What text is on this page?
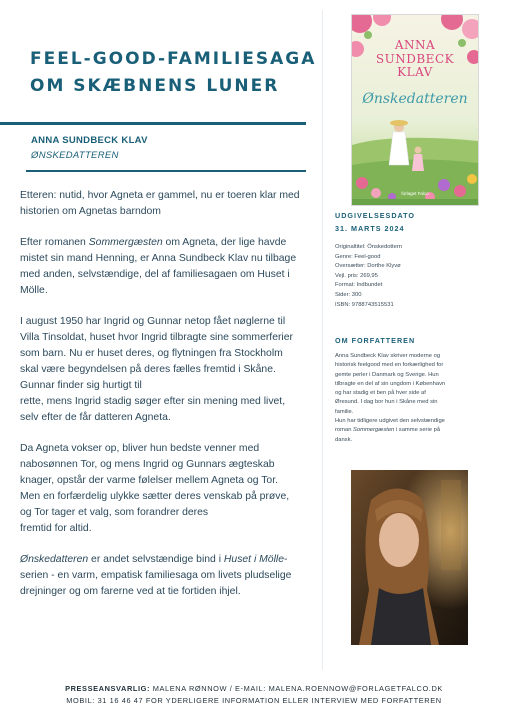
FEEL-GOOD-FAMILIESAGA
OM SKÆBNENS LUNER
ANNA SUNDBECK KLAV
ØNSKEDATTEREN

Etteren: nutid, hvor Agneta er gammel, nu er toeren klar med
historien om Agnetas barndom

Efter romanen Sommergæsten om Agneta, der lige havde
mistet sin mand Henning, er Anna Sundbeck Klav nu tilbage
med anden, selvstændige, del af familiesagaen om Huset i
Mölle.

I august 1950 har Ingrid og Gunnar netop fået nøglerne til
Villa Tinsoldat, huset hvor Ingrid tilbragte sine sommerferier
som barn. Nu er huset deres, og flytningen fra Stockholm
skal være begyndelsen på deres fælles fremtid i Skåne.
Gunnar finder sig hurtigt til
rette, mens Ingrid stadig søger efter sin mening med livet,
selv efter de får datteren Agneta.

Da Agneta vokser op, bliver hun bedste venner med
nabosønnen Tor, og mens Ingrid og Gunnars ægteskab
knager, opstår der varme følelser mellem Agneta og Tor.
Men en forfærdelig ulykke sætter deres venskab på prøve,
og Tor tager et valg, som forandrer deres
fremtid for altid.

Ønskedatteren er andet selvstændige bind i Huset i Mölle-
serien - en varm, empatisk familiesaga om livets pludselige
drejninger og om farerne ved at tie fortiden ihjel.

ANNA
SUNDBECK
KLAV
Ønskedatteren
forlaget Falco
UDGIVELSESDATO
31. MARTS 2024
Originaltitel: Önskedottern
Genre: Feel-good
Oversætter: Dorthe Klyvø
Vejl. pris: 269,95
Format: Indbundet
Sider: 300
ISBN: 9788743515531
OM FORFATTEREN
Anna Sundbeck Klav skriver moderne og
historisk feelgood med en forkærlighed for
gemte perler i Danmark og Sverige. Hun
tilbragte en del af sin ungdom i København
og har stadig et ben på hver side af
Øresund. I dag bor hun i Skåne med sin
familie.
Hun har tidligere udgivet den selvstændige
roman Sommergæsten i samme serie på
dansk.
PRESSEANSVARLIG: MALENA RØNNOW / E-MAIL: MALENA.ROENNOW@FORLAGETFALCO.DK
MOBIL: 31 16 46 47 FOR YDERLIGERE INFORMATION ELLER INTERVIEW MED FORFATTEREN
